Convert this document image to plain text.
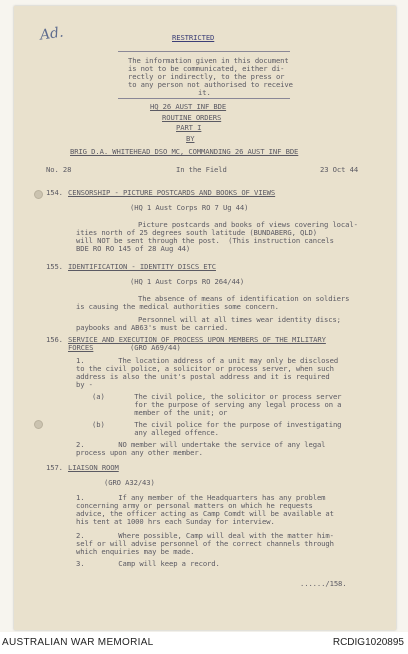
Ad.	RESTRICTED
The information given in this document
is not to be communicated, either di-
rectly or indirectly, to the press or
to any person not authorised to receive
it.
HQ 26 AUST INF BDE
ROUTINE ORDERS
PART I
BY
BRIG D.A. WHITEHEAD DSO MC, COMMANDING 26 AUST INF BDE
No. 28	In the Field	23 Oct 44
154. CENSORSHIP - PICTURE POSTCARDS AND BOOKS OF VIEWS
(HQ 1 Aust Corps RO 7 Ug 44)
Picture postcards and books of views covering local-
ities north of 25 degrees south latitude (BUNDABERG, QLD)
will NOT be sent through the post.  (This instruction cancels
BDE RO RO 145 of 28 Aug 44)
155. IDENTIFICATION - IDENTITY DISCS ETC
(HQ 1 Aust Corps RO 264/44)
The absence of means of identification on soldiers
is causing the medical authorities some concern.
Personnel will at all times wear identity discs;
paybooks and AB63's must be carried.
156. SERVICE AND EXECUTION OF PROCESS UPON MEMBERS OF THE MILITARY
FORCES	(GRO A69/44)
1.        The location address of a unit may only be disclosed
to the civil police, a solicitor or process server, when such
address is also the unit's postal address and it is required
by -
(a)       The civil police, the solicitor or process server
for the purpose of serving any legal process on a
member of the unit; or
(b)       The civil police for the purpose of investigating
any alleged offence.
2.        NO member will undertake the service of any legal
process upon any other member.
157. LIAISON ROOM
(GRO A32/43)
1.        If any member of the Headquarters has any problem
concerning army or personal matters on which he requests
advice, the officer acting as Camp Comdt will be available at
his tent at 1000 hrs each Sunday for interview.
2.        Where possible, Camp will deal with the matter him-
self or will advise personnel of the correct channels through
which enquiries may be made.
3.        Camp will keep a record.
....../158.
AUSTRALIAN WAR MEMORIAL	RCDIG1020895
